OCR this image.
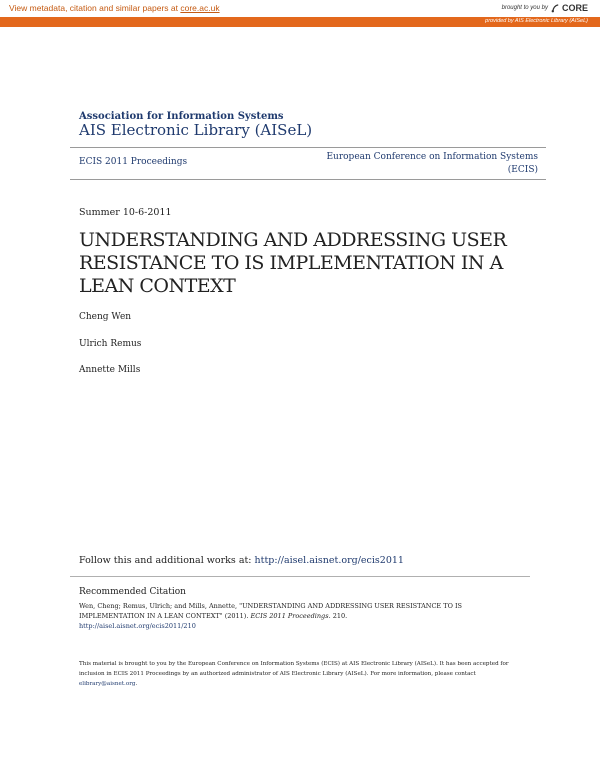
View metadata, citation and similar papers at core.ac.uk	brought to you by CORE
provided by AIS Electronic Library (AISeL)
Association for Information Systems
AIS Electronic Library (AISeL)
ECIS 2011 Proceedings	European Conference on Information Systems
(ECIS)
Summer 10-6-2011
UNDERSTANDING AND ADDRESSING USER RESISTANCE TO IS IMPLEMENTATION IN A LEAN CONTEXT
Cheng Wen
Ulrich Remus
Annette Mills
Follow this and additional works at: http://aisel.aisnet.org/ecis2011
Recommended Citation
Wen, Cheng; Remus, Ulrich; and Mills, Annette, "UNDERSTANDING AND ADDRESSING USER RESISTANCE TO IS IMPLEMENTATION IN A LEAN CONTEXT" (2011). ECIS 2011 Proceedings. 210.
http://aisel.aisnet.org/ecis2011/210
This material is brought to you by the European Conference on Information Systems (ECIS) at AIS Electronic Library (AISeL). It has been accepted for inclusion in ECIS 2011 Proceedings by an authorized administrator of AIS Electronic Library (AISeL). For more information, please contact elibrary@aisnet.org.
